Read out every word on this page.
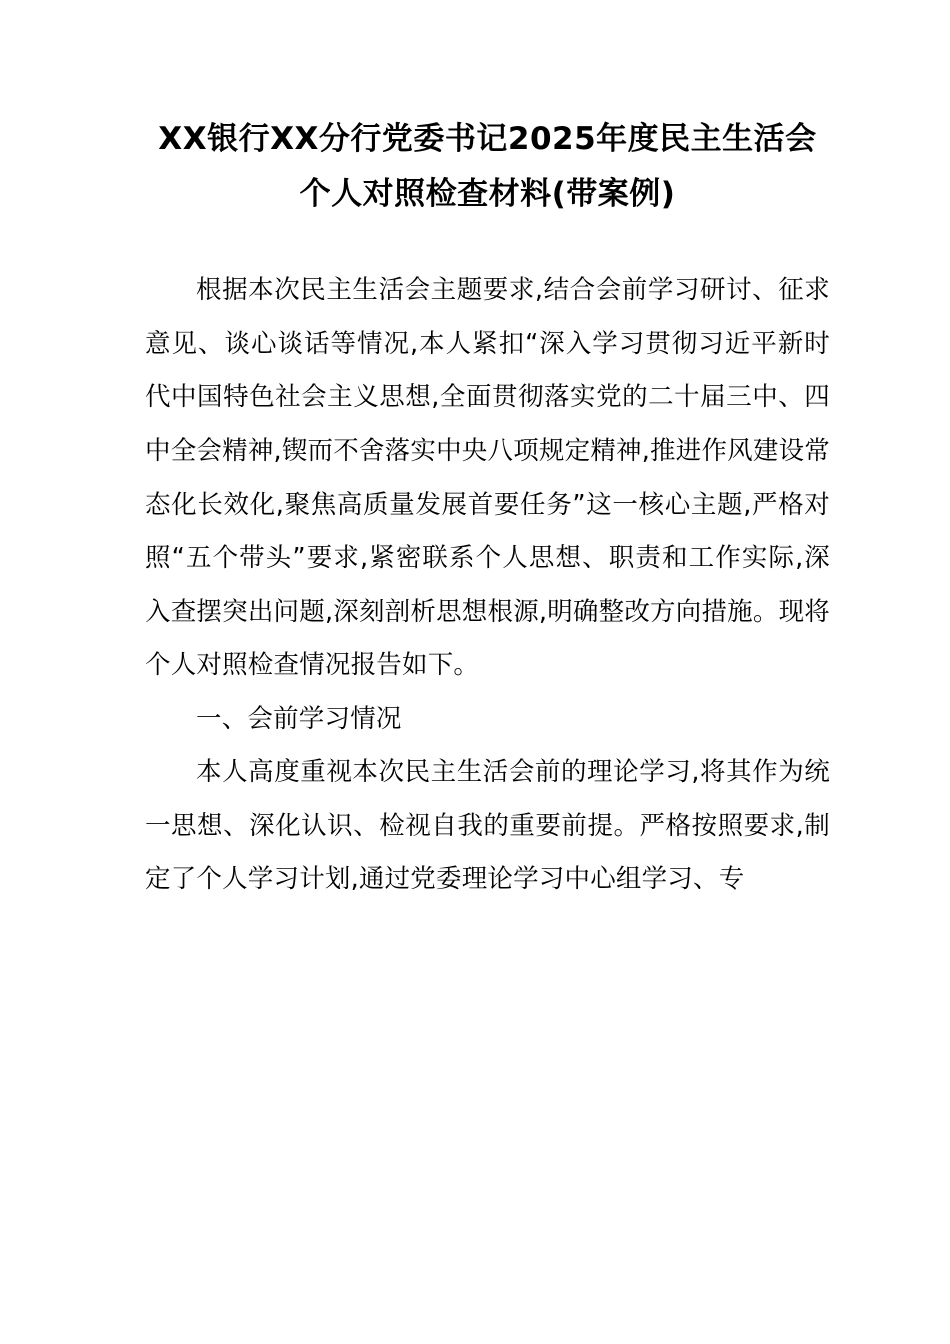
XX银行XX分行党委书记2025年度民主生活会个人对照检查材料(带案例)

根据本次民主生活会主题要求,结合会前学习研讨、征求意见、谈心谈话等情况,本人紧扣“深入学习贯彻习近平新时代中国特色社会主义思想,全面贯彻落实党的二十届三中、四中全会精神,锲而不舍落实中央八项规定精神,推进作风建设常态化长效化,聚焦高质量发展首要任务”这一核心主题,严格对照“五个带头”要求,紧密联系个人思想、职责和工作实际,深入查摆突出问题,深刻剖析思想根源,明确整改方向措施。现将个人对照检查情况报告如下。

一、会前学习情况

本人高度重视本次民主生活会前的理论学习,将其作为统一思想、深化认识、检视自我的重要前提。严格按照要求,制定了个人学习计划,通过党委理论学习中心组学习、专
